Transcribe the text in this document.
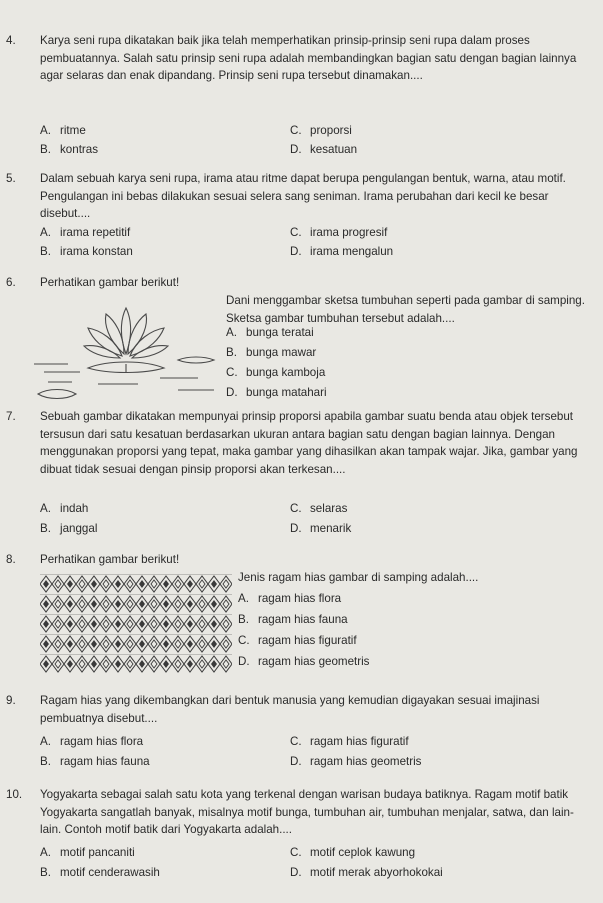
4. Karya seni rupa dikatakan baik jika telah memperhatikan prinsip-prinsip seni rupa dalam proses pembuatannya. Salah satu prinsip seni rupa adalah membandingkan bagian satu dengan bagian lainnya agar selaras dan enak dipandang. Prinsip seni rupa tersebut dinamakan....
A. ritme
B. kontras
C. proporsi
D. kesatuan
5. Dalam sebuah karya seni rupa, irama atau ritme dapat berupa pengulangan bentuk, warna, atau motif. Pengulangan ini bebas dilakukan sesuai selera sang seniman. Irama perubahan dari kecil ke besar disebut....
A. irama repetitif
B. irama konstan
C. irama progresif
D. irama mengalun
6. Perhatikan gambar berikut!
Dani menggambar sketsa tumbuhan seperti pada gambar di samping. Sketsa gambar tumbuhan tersebut adalah....
A. bunga teratai
B. bunga mawar
C. bunga kamboja
D. bunga matahari
7. Sebuah gambar dikatakan mempunyai prinsip proporsi apabila gambar suatu benda atau objek tersebut tersusun dari satu kesatuan berdasarkan ukuran antara bagian satu dengan bagian lainnya. Dengan menggunakan proporsi yang tepat, maka gambar yang dihasilkan akan tampak wajar. Jika, gambar yang dibuat tidak sesuai dengan pinsip proporsi akan terkesan....
A. indah
B. janggal
C. selaras
D. menarik
8. Perhatikan gambar berikut!
Jenis ragam hias gambar di samping adalah....
A. ragam hias flora
B. ragam hias fauna
C. ragam hias figuratif
D. ragam hias geometris
9. Ragam hias yang dikembangkan dari bentuk manusia yang kemudian digayakan sesuai imajinasi pembuatnya disebut....
A. ragam hias flora
B. ragam hias fauna
C. ragam hias figuratif
D. ragam hias geometris
10. Yogyakarta sebagai salah satu kota yang terkenal dengan warisan budaya batiknya. Ragam motif batik Yogyakarta sangatlah banyak, misalnya motif bunga, tumbuhan air, tumbuhan menjalar, satwa, dan lain-lain. Contoh motif batik dari Yogyakarta adalah....
A. motif pancaniti
B. motif cenderawasih
C. motif ceplok kawung
D. motif merak abyorhokokai
